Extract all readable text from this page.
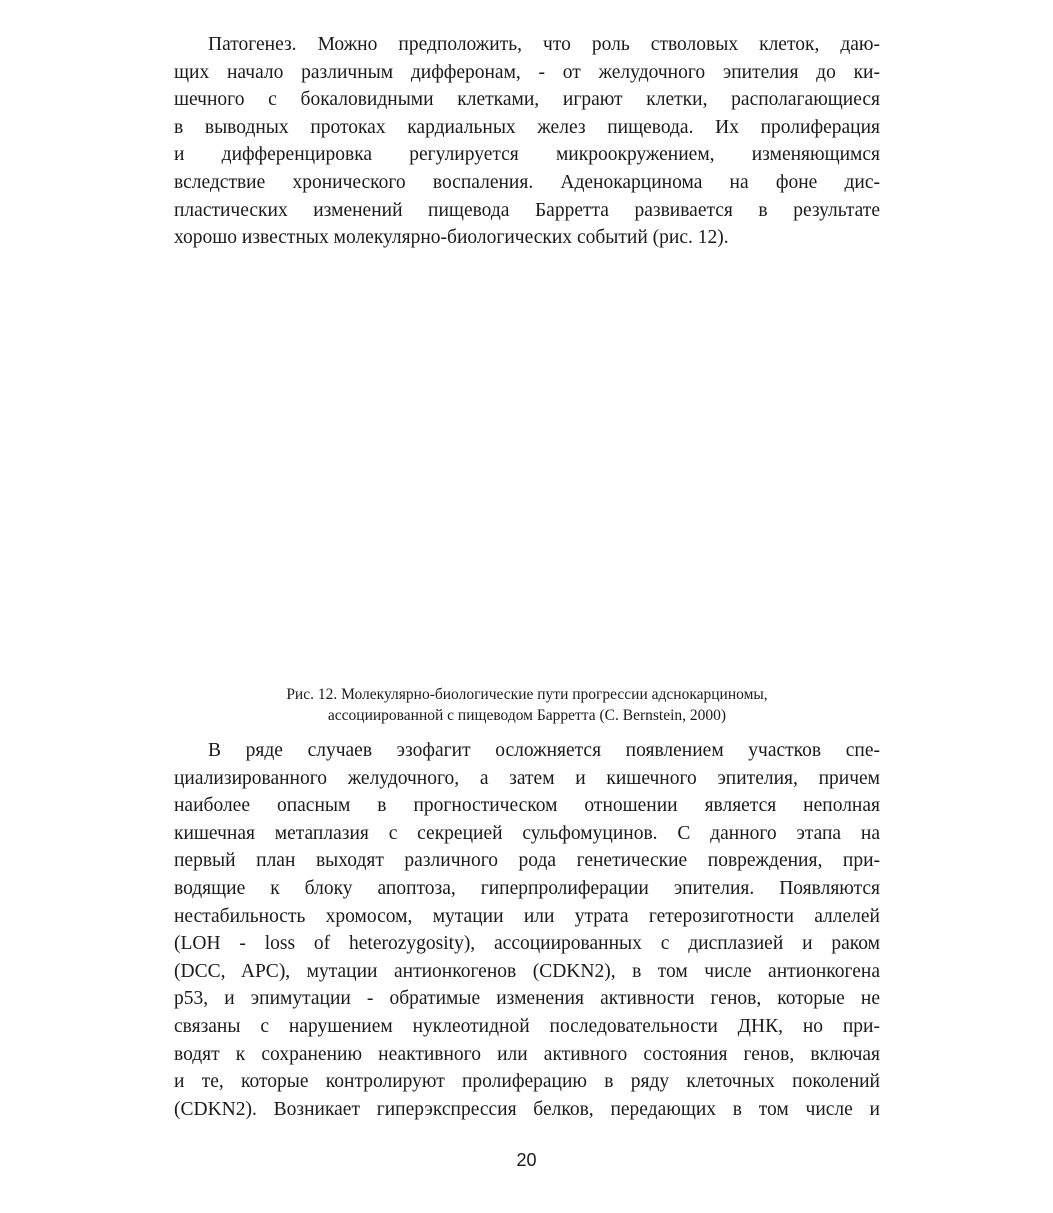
Патогенез. Можно предположить, что роль стволовых клеток, даю-
щих начало различным дифферонам, - от желудочного эпителия до ки-
шечного с бокаловидными клетками, играют клетки, располагающиеся
в выводных протоках кардиальных желез пищевода. Их пролиферация
и дифференцировка регулируется микроокружением, изменяющимся
вследствие хронического воспаления. Аденокарцинома на фоне дис-
пластических изменений пищевода Барретта развивается в результате
хорошо известных молекулярно-биологических событий (рис. 12).
Рис. 12. Молекулярно-биологические пути прогрессии адснокарциномы,
ассоциированной с пищеводом Барретта (С. Bernstein, 2000)
В ряде случаев эзофагит осложняется появлением участков спе-
циализированного желудочного, а затем и кишечного эпителия, причем
наиболее опасным в прогностическом отношении является неполная
кишечная метаплазия с секрецией сульфомуцинов. С данного этапа на
первый план выходят различного рода генетические повреждения, при-
водящие к блоку апоптоза, гиперпролиферации эпителия. Появляются
нестабильность хромосом, мутации или утрата гетерозиготности аллелей
(LOH - loss of heterozygosity), ассоциированных с дисплазией и раком
(DCC, APC), мутации антионкогенов (CDKN2), в том числе антионкогена
p53, и эпимутации - обратимые изменения активности генов, которые не
связаны с нарушением нуклеотидной последовательности ДНК, но при-
водят к сохранению неактивного или активного состояния генов, включая
и те, которые контролируют пролиферацию в ряду клеточных поколений
(CDKN2). Возникает гиперэкспрессия белков, передающих в том числе и
20
